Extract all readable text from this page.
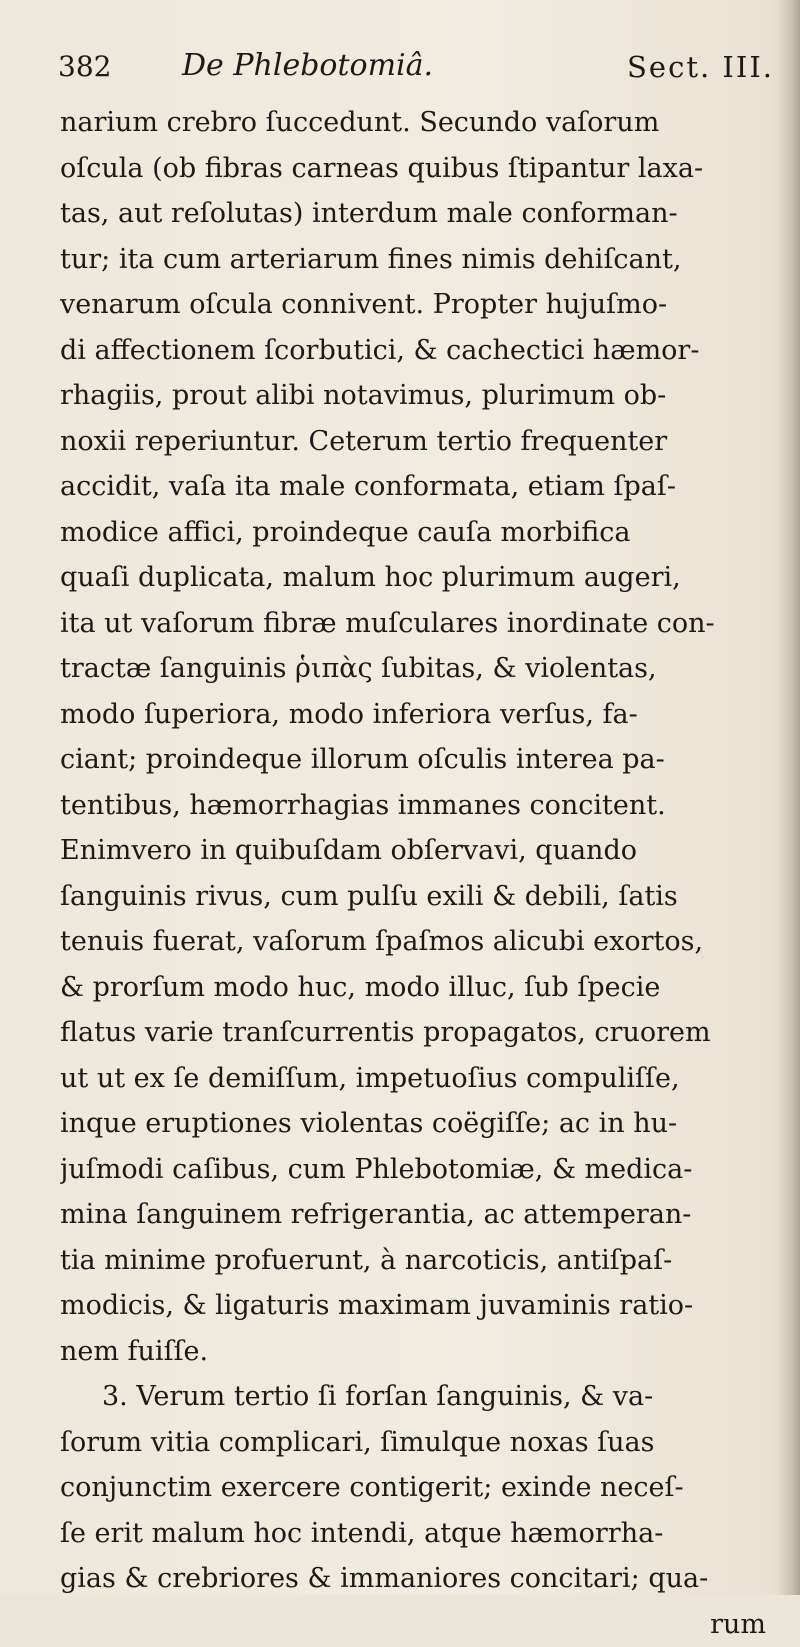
382 De Phlebotomiâ.	Sect. III.
narium crebro ſuccedunt. Secundo vaſorum
oſcula (ob fibras carneas quibus ſtipantur laxa-
tas, aut reſolutas) interdum male conforman-
tur; ita cum arteriarum fines nimis dehiſcant,
venarum oſcula connivent. Propter hujuſmo-
di affectionem ſcorbutici, & cachectici hæmor-
rhagiis, prout alibi notavimus, plurimum ob-
noxii reperiuntur. Ceterum tertio frequenter
accidit, vaſa ita male conformata, etiam ſpaſ-
modice affici, proindeque cauſa morbifica
quaſi duplicata, malum hoc plurimum augeri,
ita ut vaſorum fibræ muſculares inordinate con-
tractæ ſanguinis ῥιπὰς ſubitas, & violentas,
modo ſuperiora, modo inferiora verſus, fa-
ciant; proindeque illorum oſculis interea pa-
tentibus, hæmorrhagias immanes concitent.
Enimvero in quibuſdam obſervavi, quando
ſanguinis rivus, cum pulſu exili & debili, ſatis
tenuis fuerat, vaſorum ſpaſmos alicubi exortos,
& prorſum modo huc, modo illuc, ſub ſpecie
flatus varie tranſcurrentis propagatos, cruorem
ut ut ex ſe demiſſum, impetuoſius compuliſſe,
inque eruptiones violentas coëgiſſe; ac in hu-
juſmodi caſibus, cum Phlebotomiæ, & medica-
mina ſanguinem refrigerantia, ac attemperan-
tia minime profuerunt, à narcoticis, antiſpaſ-
modicis, & ligaturis maximam juvaminis ratio-
nem fuiſſe.
3. Verum tertio ſi forſan ſanguinis, & va-
ſorum vitia complicari, ſimulque noxas ſuas
conjunctim exercere contigerit; exinde neceſ-
ſe erit malum hoc intendi, atque hæmorrha-
gias & crebriores & immaniores concitari; qua-
rum
